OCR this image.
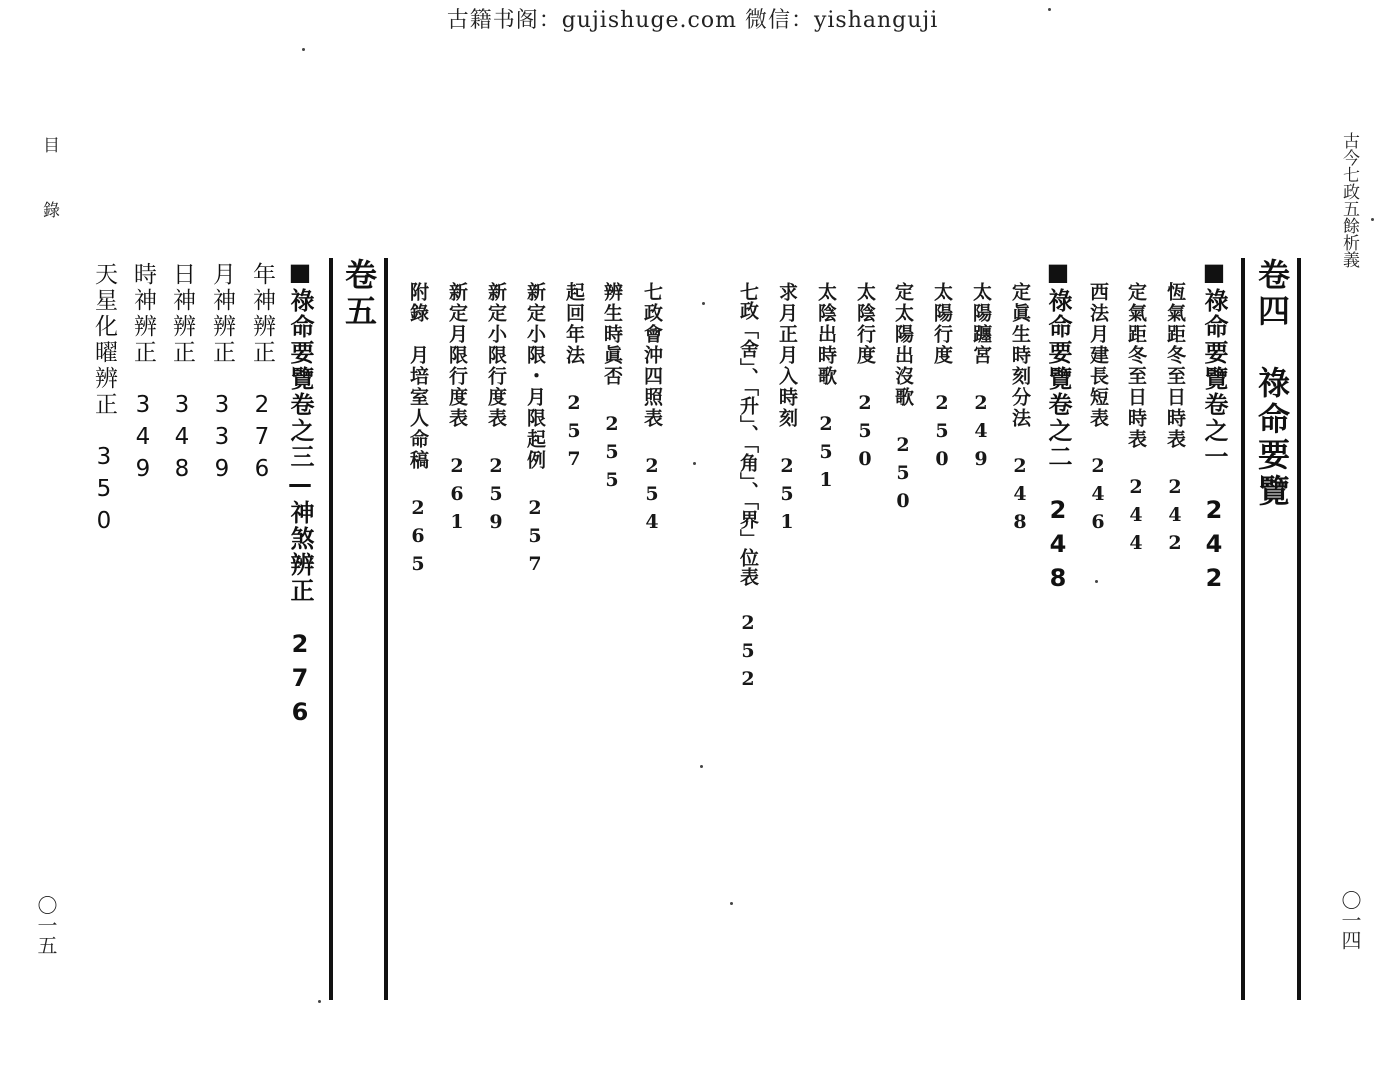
古籍书阁：gujishuge.com 微信：yishanguji
古今七政五餘析義
〇一四
卷四　祿命要覽
■祿命要覽卷之一242
恆氣距冬至日時表242
定氣距冬至日時表244
西法月建長短表246
■祿命要覽卷之二248
定眞生時刻分法248
太陽躔宮249
太陽行度250
定太陽出沒歌250
太陰行度250
太陰出時歌251
求月正月入時刻251
七政「舍」、「升」、「角」、「界」位表252
七政會沖四照表254
辨生時眞否255
起回年法257
新定小限・月限起例257
新定小限行度表259
新定月限行度表261
附錄　月培室人命稿265
目 錄
〇一五
卷五
■祿命要覽卷之三—神煞辨正276
年神辨正276
月神辨正339
日神辨正348
時神辨正349
天星化曜辨正350
